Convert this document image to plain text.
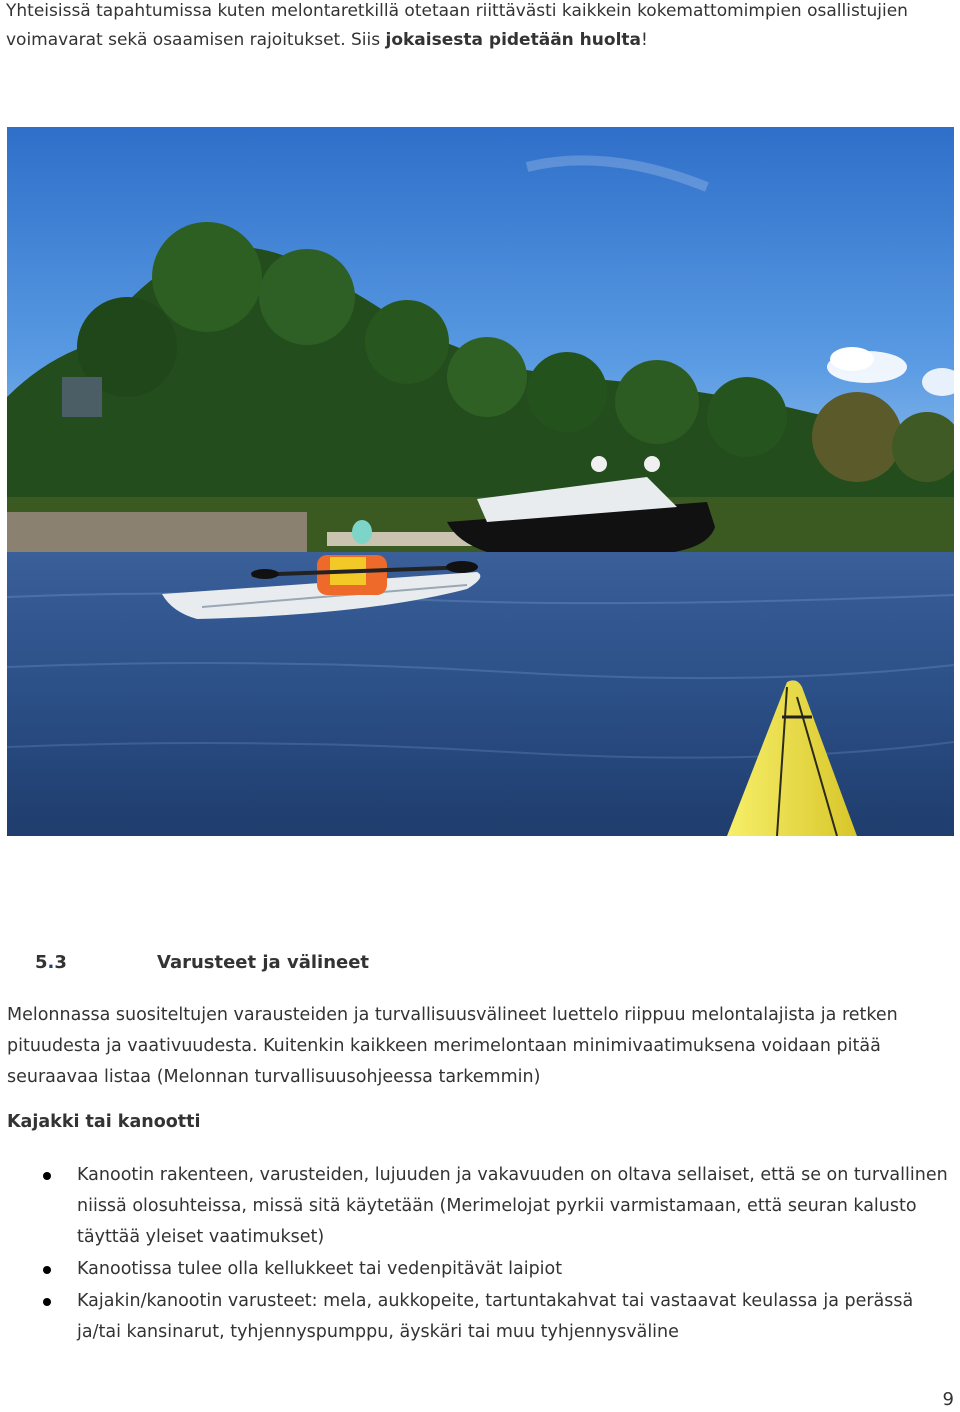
Yhteisissä tapahtumissa kuten melontaretkillä otetaan riittävästi kaikkein kokemattomimpien osallistujien voimavarat sekä osaamisen rajoitukset. Siis jokaisesta pidetään huolta!

5.3	Varusteet ja välineet

Melonnassa suositeltujen varausteiden ja turvallisuusvälineet luettelo riippuu melontalajista ja retken pituudesta ja vaativuudesta. Kuitenkin kaikkeen merimelontaan minimivaatimuksena voidaan pitää seuraavaa listaa (Melonnan turvallisuusohjeessa tarkemmin)

Kajakki tai kanootti

Kanootin rakenteen, varusteiden, lujuuden ja vakavuuden on oltava sellaiset, että se on turvallinen niissä olosuhteissa, missä sitä käytetään (Merimelojat pyrkii varmistamaan, että seuran kalusto täyttää yleiset vaatimukset)
Kanootissa tulee olla kellukkeet tai vedenpitävät laipiot
Kajakin/kanootin varusteet: mela, aukkopeite, tartuntakahvat tai vastaavat keulassa ja perässä ja/tai kansinarut, tyhjennyspumppu, äyskäri tai muu tyhjennysväline
9
